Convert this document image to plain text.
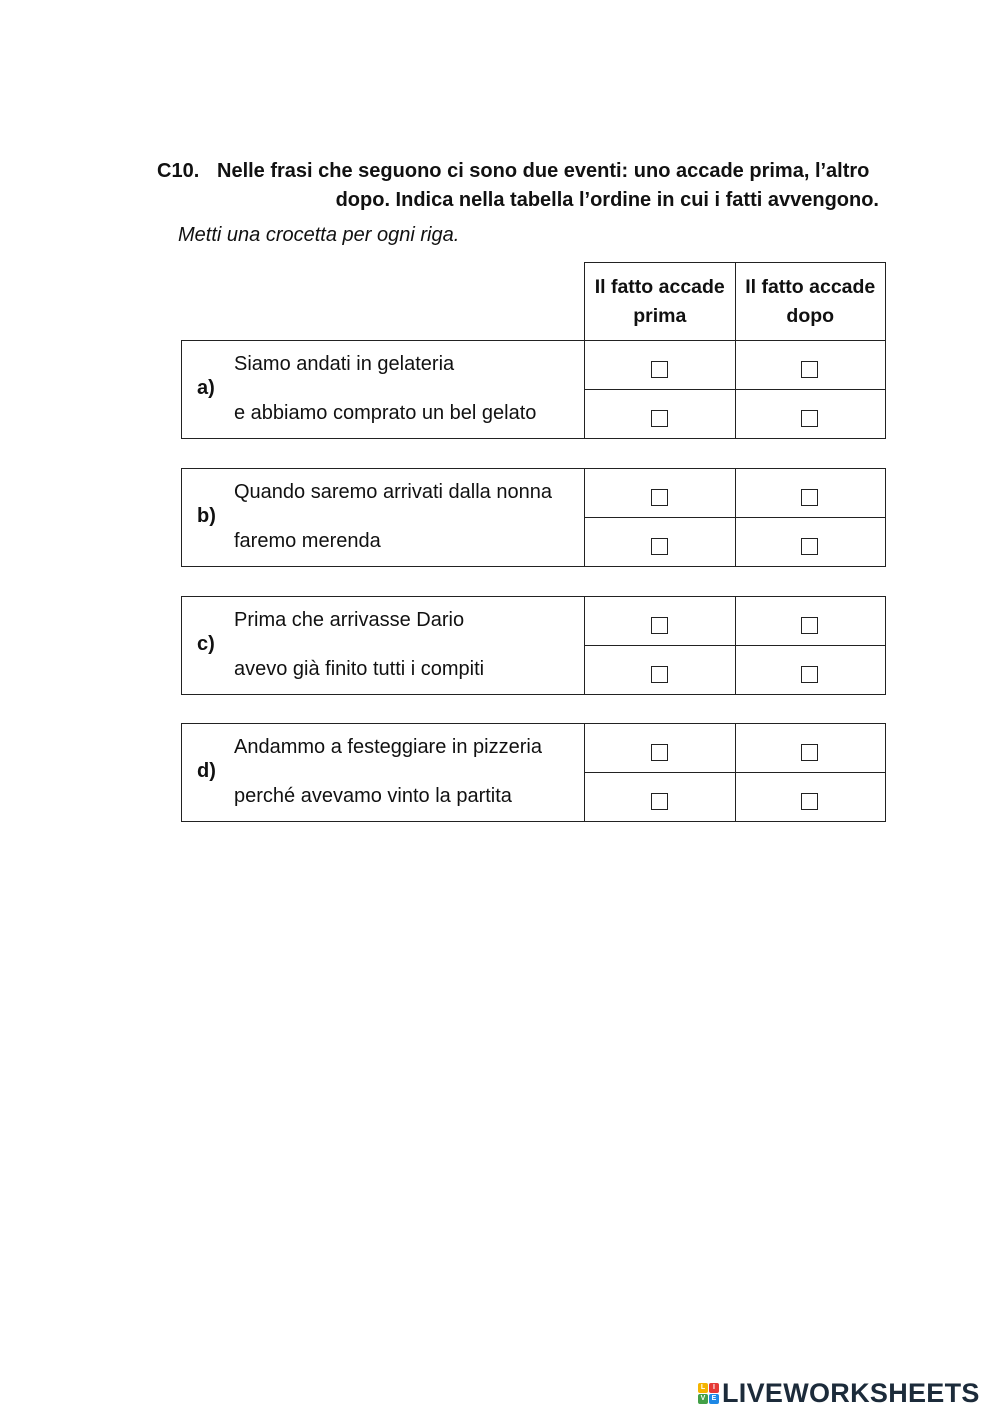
C10. Nelle frasi che seguono ci sono due eventi: uno accade prima, l’altro
dopo. Indica nella tabella l’ordine in cui i fatti avvengono.
Metti una crocetta per ogni riga.
Il fatto accade
prima
Il fatto accade
dopo
a)
Siamo andati in gelateria
e abbiamo comprato un bel gelato
b)
Quando saremo arrivati dalla nonna
faremo merenda
c)
Prima che arrivasse Dario
avevo già finito tutti i compiti
d)
Andammo a festeggiare in pizzeria
perché avevamo vinto la partita
L	I
V E LIVEWORKSHEETS
